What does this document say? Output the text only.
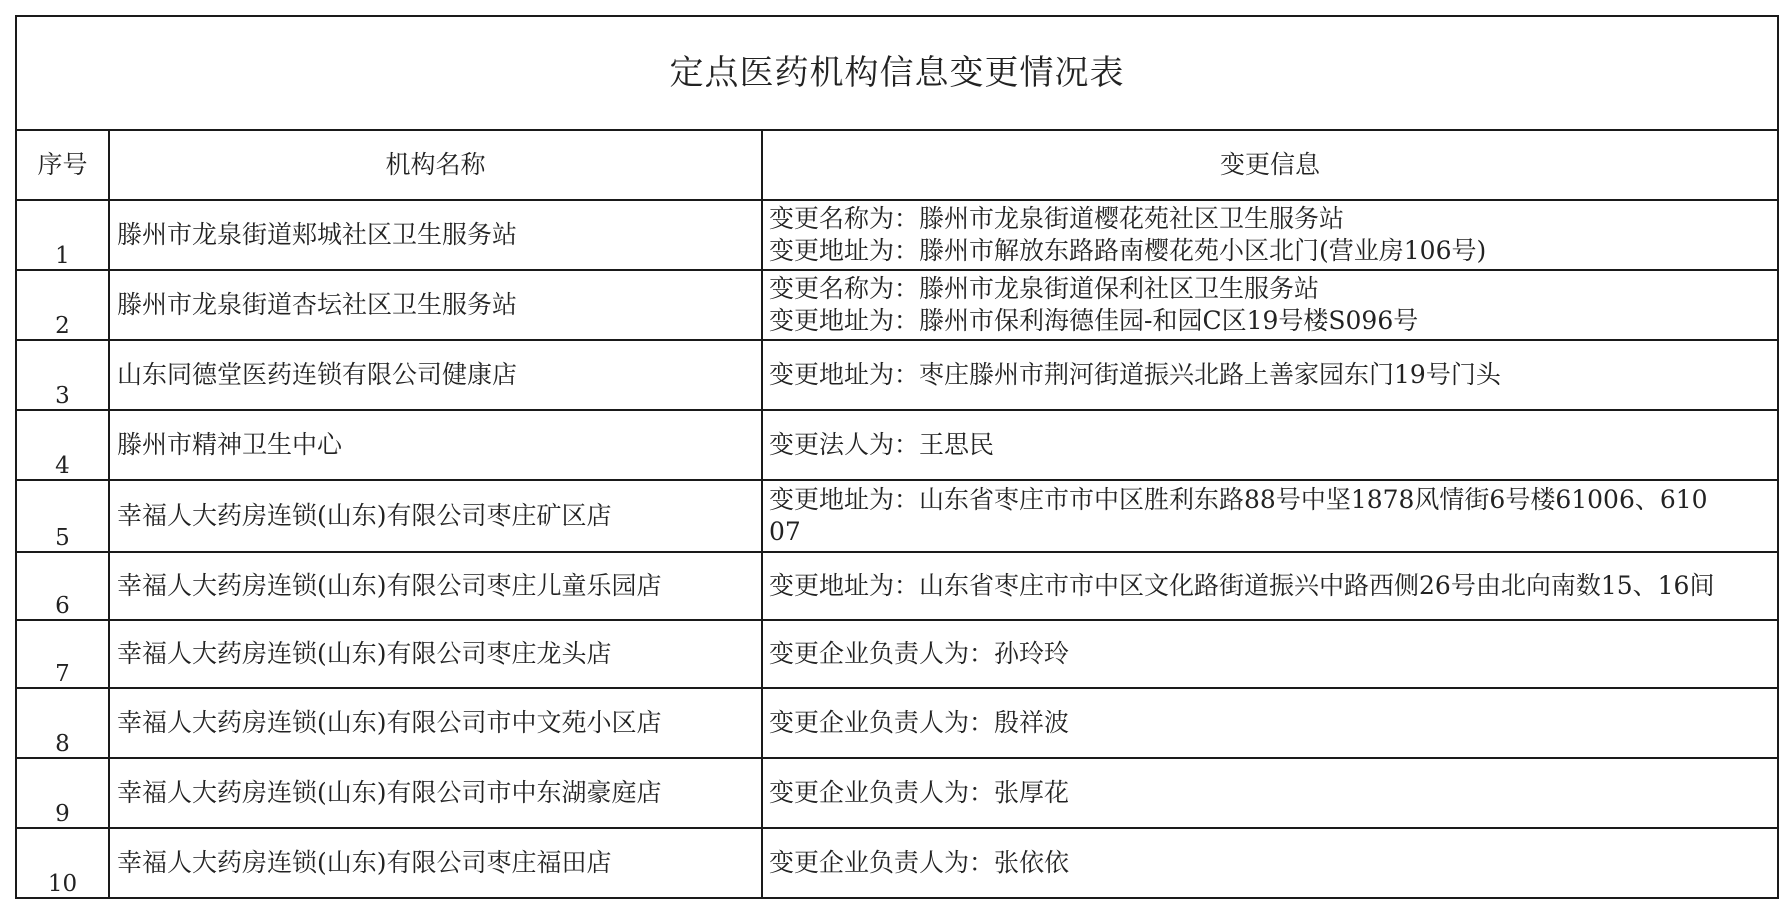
定点医药机构信息变更情况表		
序号	机构名称	变更信息
1	滕州市龙泉街道郏城社区卫生服务站	变更名称为：滕州市龙泉街道樱花苑社区卫生服务站
变更地址为：滕州市解放东路路南樱花苑小区北门(营业房106号)

2	滕州市龙泉街道杏坛社区卫生服务站	变更名称为：滕州市龙泉街道保利社区卫生服务站
变更地址为：滕州市保利海德佳园-和园C区19号楼S096号

3	山东同德堂医药连锁有限公司健康店	变更地址为：枣庄滕州市荆河街道振兴北路上善家园东门19号门头

4	滕州市精神卫生中心	变更法人为：王思民

5	幸福人大药房连锁(山东)有限公司枣庄矿区店	变更地址为：山东省枣庄市市中区胜利东路88号中坚1878风情街6号楼61006、61007

6	幸福人大药房连锁(山东)有限公司枣庄儿童乐园店	变更地址为：山东省枣庄市市中区文化路街道振兴中路西侧26号由北向南数15、16间

7	幸福人大药房连锁(山东)有限公司枣庄龙头店	变更企业负责人为：孙玲玲

8	幸福人大药房连锁(山东)有限公司市中文苑小区店	变更企业负责人为：殷祥波

9	幸福人大药房连锁(山东)有限公司市中东湖豪庭店	变更企业负责人为：张厚花

10	幸福人大药房连锁(山东)有限公司枣庄福田店	变更企业负责人为：张依依
